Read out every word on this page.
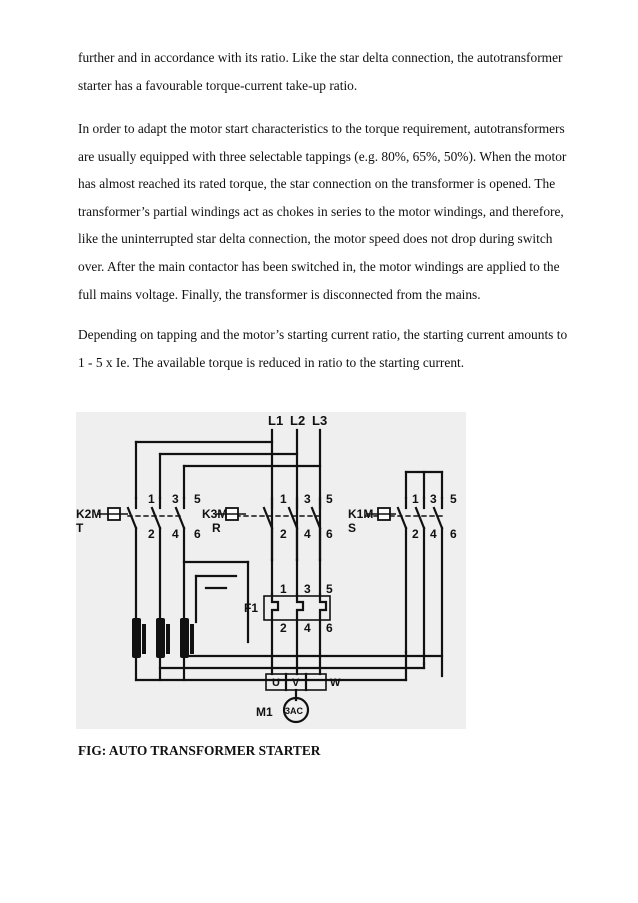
further and in accordance with its ratio. Like the star delta connection, the autotransformer starter has a favourable torque-current take-up ratio.

In order to adapt the motor start characteristics to the torque requirement, autotransformers are usually equipped with three selectable tappings (e.g. 80%, 65%, 50%). When the motor has almost reached its rated torque, the star connection on the transformer is opened. The transformer’s partial windings act as chokes in series to the motor windings, and therefore, like the uninterrupted star delta connection, the motor speed does not drop during switch over. After the main contactor has been switched in, the motor windings are applied to the full mains voltage. Finally, the transformer is disconnected from the mains.

Depending on tapping and the motor’s starting current ratio, the starting current amounts to 1 - 5 x Ie. The available torque is reduced in ratio to the starting current.

L1 L2 L3
K2M
T
1 3 5
2 4 6
K3M
R
1 3 5
2 4 6
K1M
S
1 3 5
2 4 6
F1
1 3 5
2 4 6
U V	W
M1 3AC

FIG: AUTO TRANSFORMER STARTER
